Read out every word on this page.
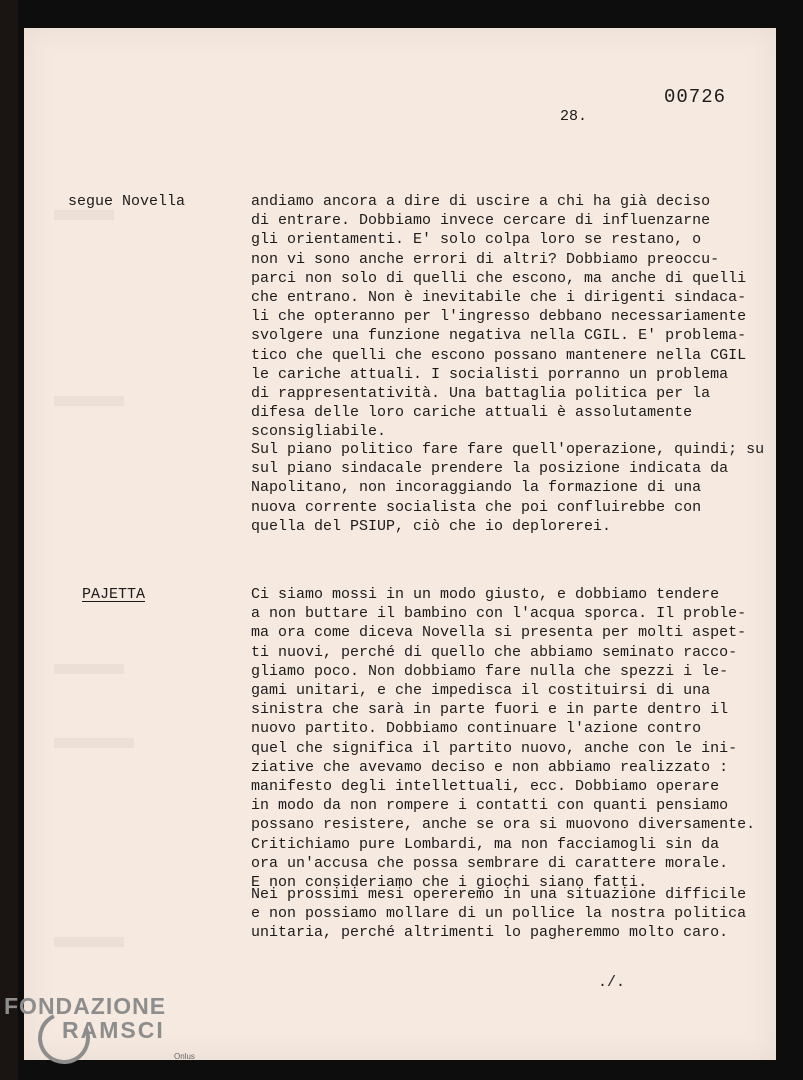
00726
28.
segue Novella	andiamo ancora a dire di uscire a chi ha già deciso
di entrare. Dobbiamo invece cercare di influenzarne
gli orientamenti. E' solo colpa loro se restano, o
non vi sono anche errori di altri? Dobbiamo preoccu-
parci non solo di quelli che escono, ma anche di quelli
che entrano. Non è inevitabile che i dirigenti sindaca-
li che opteranno per l'ingresso debbano necessariamente
svolgere una funzione negativa nella CGIL. E' problema-
tico che quelli che escono possano mantenere nella CGIL
le cariche attuali. I socialisti porranno un problema
di rappresentatività. Una battaglia politica per la
difesa delle loro cariche attuali è assolutamente
sconsigliabile.
Sul piano politico fare fare quell'operazione, quindi; su
sul piano sindacale prendere la posizione indicata da
Napolitano, non incoraggiando la formazione di una
nuova corrente socialista che poi confluirebbe con
quella del PSIUP, ciò che io deplorerei.
PAJETTA	Ci siamo mossi in un modo giusto, e dobbiamo tendere
a non buttare il bambino con l'acqua sporca. Il proble-
ma ora come diceva Novella si presenta per molti aspet-
ti nuovi, perché di quello che abbiamo seminato racco-
gliamo poco. Non dobbiamo fare nulla che spezzi i le-
gami unitari, e che impedisca il costituirsi di una
sinistra che sarà in parte fuori e in parte dentro il
nuovo partito. Dobbiamo continuare l'azione contro
quel che significa il partito nuovo, anche con le ini-
ziative che avevamo deciso e non abbiamo realizzato :
manifesto degli intellettuali, ecc. Dobbiamo operare
in modo da non rompere i contatti con quanti pensiamo
possano resistere, anche se ora si muovono diversamente.
Critichiamo pure Lombardi, ma non facciamogli sin da
ora un'accusa che possa sembrare di carattere morale.
E non consideriamo che i giochi siano fatti.
Nei prossimi mesi opereremo in una situazione difficile
e non possiamo mollare di un pollice la nostra politica
unitaria, perché altrimenti lo pagheremmo molto caro.
./.
FONDAZIONE
RAMSCI
Onlus
